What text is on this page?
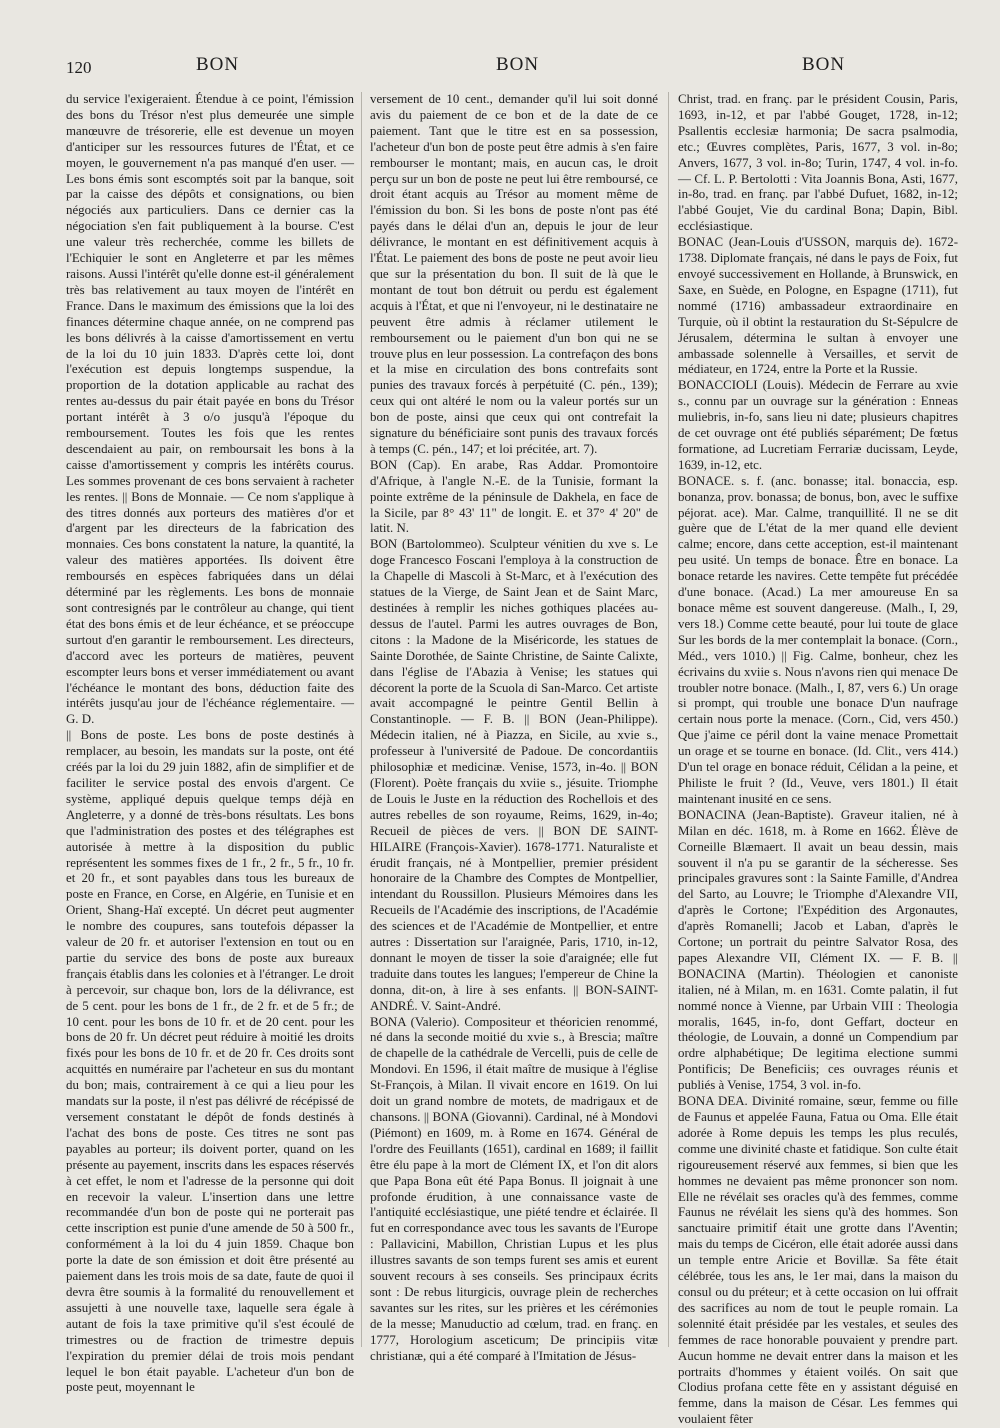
120	BON	BON	BON

du service l'exigeraient. Étendue à ce point, l'émission des bons du Trésor n'est plus demeurée une simple manœuvre de trésorerie, elle est devenue un moyen d'anticiper sur les ressources futures de l'État, et ce moyen, le gouvernement n'a pas manqué d'en user. — Les bons émis sont escomptés soit par la banque, soit par la caisse des dépôts et consignations, ou bien négociés aux particuliers. Dans ce dernier cas la négociation s'en fait publiquement à la bourse. C'est une valeur très recherchée, comme les billets de l'Echiquier le sont en Angleterre et par les mêmes raisons. Aussi l'intérêt qu'elle donne est-il généralement très bas relativement au taux moyen de l'intérêt en France. Dans le maximum des émissions que la loi des finances détermine chaque année, on ne comprend pas les bons délivrés à la caisse d'amortissement en vertu de la loi du 10 juin 1833. D'après cette loi, dont l'exécution est depuis longtemps suspendue, la proportion de la dotation applicable au rachat des rentes au-dessus du pair était payée en bons du Trésor portant intérêt à 3 o/o jusqu'à l'époque du remboursement. Toutes les fois que les rentes descendaient au pair, on remboursait les bons à la caisse d'amortissement y compris les intérêts courus. Les sommes provenant de ces bons servaient à racheter les rentes. || Bons de Monnaie. — Ce nom s'applique à des titres donnés aux porteurs des matières d'or et d'argent par les directeurs de la fabrication des monnaies. Ces bons constatent la nature, la quantité, la valeur des matières apportées. Ils doivent être remboursés en espèces fabriquées dans un délai déterminé par les règlements. Les bons de monnaie sont contresignés par le contrôleur au change, qui tient état des bons émis et de leur échéance, et se préoccupe surtout d'en garantir le remboursement. Les directeurs, d'accord avec les porteurs de matières, peuvent escompter leurs bons et verser immédiatement ou avant l'échéance le montant des bons, déduction faite des intérêts jusqu'au jour de l'échéance réglementaire. — G. D.

|| Bons de poste. Les bons de poste destinés à remplacer, au besoin, les mandats sur la poste, ont été créés par la loi du 29 juin 1882, afin de simplifier et de faciliter le service postal des envois d'argent. Ce système, appliqué depuis quelque temps déjà en Angleterre, y a donné de très-bons résultats. Les bons que l'administration des postes et des télégraphes est autorisée à mettre à la disposition du public représentent les sommes fixes de 1 fr., 2 fr., 5 fr., 10 fr. et 20 fr., et sont payables dans tous les bureaux de poste en France, en Corse, en Algérie, en Tunisie et en Orient, Shang-Haï excepté. Un décret peut augmenter le nombre des coupures, sans toutefois dépasser la valeur de 20 fr. et autoriser l'extension en tout ou en partie du service des bons de poste aux bureaux français établis dans les colonies et à l'étranger. Le droit à percevoir, sur chaque bon, lors de la délivrance, est de 5 cent. pour les bons de 1 fr., de 2 fr. et de 5 fr.; de 10 cent. pour les bons de 10 fr. et de 20 cent. pour les bons de 20 fr. Un décret peut réduire à moitié les droits fixés pour les bons de 10 fr. et de 20 fr. Ces droits sont acquittés en numéraire par l'acheteur en sus du montant du bon; mais, contrairement à ce qui a lieu pour les mandats sur la poste, il n'est pas délivré de récépissé de versement constatant le dépôt de fonds destinés à l'achat des bons de poste. Ces titres ne sont pas payables au porteur; ils doivent porter, quand on les présente au payement, inscrits dans les espaces réservés à cet effet, le nom et l'adresse de la personne qui doit en recevoir la valeur. L'insertion dans une lettre recommandée d'un bon de poste qui ne porterait pas cette inscription est punie d'une amende de 50 à 500 fr., conformément à la loi du 4 juin 1859. Chaque bon porte la date de son émission et doit être présenté au paiement dans les trois mois de sa date, faute de quoi il devra être soumis à la formalité du renouvellement et assujetti à une nouvelle taxe, laquelle sera égale à autant de fois la taxe primitive qu'il s'est écoulé de trimestres ou de fraction de trimestre depuis l'expiration du premier délai de trois mois pendant lequel le bon était payable. L'acheteur d'un bon de poste peut, moyennant le

versement de 10 cent., demander qu'il lui soit donné avis du paiement de ce bon et de la date de ce paiement. Tant que le titre est en sa possession, l'acheteur d'un bon de poste peut être admis à s'en faire rembourser le montant; mais, en aucun cas, le droit perçu sur un bon de poste ne peut lui être remboursé, ce droit étant acquis au Trésor au moment même de l'émission du bon. Si les bons de poste n'ont pas été payés dans le délai d'un an, depuis le jour de leur délivrance, le montant en est définitivement acquis à l'État. Le paiement des bons de poste ne peut avoir lieu que sur la présentation du bon. Il suit de là que le montant de tout bon détruit ou perdu est également acquis à l'État, et que ni l'envoyeur, ni le destinataire ne peuvent être admis à réclamer utilement le remboursement ou le paiement d'un bon qui ne se trouve plus en leur possession. La contrefaçon des bons et la mise en circulation des bons contrefaits sont punies des travaux forcés à perpétuité (C. pén., 139); ceux qui ont altéré le nom ou la valeur portés sur un bon de poste, ainsi que ceux qui ont contrefait la signature du bénéficiaire sont punis des travaux forcés à temps (C. pén., 147; et loi précitée, art. 7).

BON (Cap). En arabe, Ras Addar. Promontoire d'Afrique, à l'angle N.-E. de la Tunisie, formant la pointe extrême de la péninsule de Dakhela, en face de la Sicile, par 8° 43' 11" de longit. E. et 37° 4' 20" de latit. N.

BON (Bartolommeo). Sculpteur vénitien du xve s. Le doge Francesco Foscani l'employa à la construction de la Chapelle di Mascoli à St-Marc, et à l'exécution des statues de la Vierge, de Saint Jean et de Saint Marc, destinées à remplir les niches gothiques placées au-dessus de l'autel. Parmi les autres ouvrages de Bon, citons : la Madone de la Miséricorde, les statues de Sainte Dorothée, de Sainte Christine, de Sainte Calixte, dans l'église de l'Abazia à Venise; les statues qui décorent la porte de la Scuola di San-Marco. Cet artiste avait accompagné le peintre Gentil Bellin à Constantinople. — F. B. || BON (Jean-Philippe). Médecin italien, né à Piazza, en Sicile, au xvie s., professeur à l'université de Padoue. De concordantiis philosophiæ et medicinæ. Venise, 1573, in-4o. || BON (Florent). Poète français du xviie s., jésuite. Triomphe de Louis le Juste en la réduction des Rochellois et des autres rebelles de son royaume, Reims, 1629, in-4o; Recueil de pièces de vers. || BON DE SAINT-HILAIRE (François-Xavier). 1678-1771. Naturaliste et érudit français, né à Montpellier, premier président honoraire de la Chambre des Comptes de Montpellier, intendant du Roussillon. Plusieurs Mémoires dans les Recueils de l'Académie des inscriptions, de l'Académie des sciences et de l'Académie de Montpellier, et entre autres : Dissertation sur l'araignée, Paris, 1710, in-12, donnant le moyen de tisser la soie d'araignée; elle fut traduite dans toutes les langues; l'empereur de Chine la donna, dit-on, à lire à ses enfants. || BON-SAINT-ANDRÉ. V. Saint-André.

BONA (Valerio). Compositeur et théoricien renommé, né dans la seconde moitié du xvie s., à Brescia; maître de chapelle de la cathédrale de Vercelli, puis de celle de Mondovi. En 1596, il était maître de musique à l'église St-François, à Milan. Il vivait encore en 1619. On lui doit un grand nombre de motets, de madrigaux et de chansons. || BONA (Giovanni). Cardinal, né à Mondovi (Piémont) en 1609, m. à Rome en 1674. Général de l'ordre des Feuillants (1651), cardinal en 1689; il faillit être élu pape à la mort de Clément IX, et l'on dit alors que Papa Bona eût été Papa Bonus. Il joignait à une profonde érudition, à une connaissance vaste de l'antiquité ecclésiastique, une piété tendre et éclairée. Il fut en correspondance avec tous les savants de l'Europe : Pallavicini, Mabillon, Christian Lupus et les plus illustres savants de son temps furent ses amis et eurent souvent recours à ses conseils. Ses principaux écrits sont : De rebus liturgicis, ouvrage plein de recherches savantes sur les rites, sur les prières et les cérémonies de la messe; Manuductio ad cœlum, trad. en franç. en 1777, Horologium asceticum; De principiis vitæ christianæ, qui a été comparé à l'Imitation de Jésus-

Christ, trad. en franç. par le président Cousin, Paris, 1693, in-12, et par l'abbé Gouget, 1728, in-12; Psallentis ecclesiæ harmonia; De sacra psalmodia, etc.; Œuvres complètes, Paris, 1677, 3 vol. in-8o; Anvers, 1677, 3 vol. in-8o; Turin, 1747, 4 vol. in-fo. — Cf. L. P. Bertolotti : Vita Joannis Bona, Asti, 1677, in-8o, trad. en franç. par l'abbé Dufuet, 1682, in-12; l'abbé Goujet, Vie du cardinal Bona; Dapin, Bibl. ecclésiastique.

BONAC (Jean-Louis d'USSON, marquis de). 1672-1738. Diplomate français, né dans le pays de Foix, fut envoyé successivement en Hollande, à Brunswick, en Saxe, en Suède, en Pologne, en Espagne (1711), fut nommé (1716) ambassadeur extraordinaire en Turquie, où il obtint la restauration du St-Sépulcre de Jérusalem, détermina le sultan à envoyer une ambassade solennelle à Versailles, et servit de médiateur, en 1724, entre la Porte et la Russie.

BONACCIOLI (Louis). Médecin de Ferrare au xvie s., connu par un ouvrage sur la génération : Enneas muliebris, in-fo, sans lieu ni date; plusieurs chapitres de cet ouvrage ont été publiés séparément; De fœtus formatione, ad Lucretiam Ferrariæ ducissam, Leyde, 1639, in-12, etc.

BONACE. s. f. (anc. bonasse; ital. bonaccia, esp. bonanza, prov. bonassa; de bonus, bon, avec le suffixe péjorat. ace). Mar. Calme, tranquillité. Il ne se dit guère que de L'état de la mer quand elle devient calme; encore, dans cette acception, est-il maintenant peu usité. Un temps de bonace. Être en bonace. La bonace retarde les navires. Cette tempête fut précédée d'une bonace. (Acad.) La mer amoureuse En sa bonace même est souvent dangereuse. (Malh., I, 29, vers 18.) Comme cette beauté, pour lui toute de glace Sur les bords de la mer contemplait la bonace. (Corn., Méd., vers 1010.) || Fig. Calme, bonheur, chez les écrivains du xviie s. Nous n'avons rien qui menace De troubler notre bonace. (Malh., I, 87, vers 6.) Un orage si prompt, qui trouble une bonace D'un naufrage certain nous porte la menace. (Corn., Cid, vers 450.) Que j'aime ce péril dont la vaine menace Promettait un orage et se tourne en bonace. (Id. Clit., vers 414.) D'un tel orage en bonace réduit, Célidan a la peine, et Philiste le fruit ? (Id., Veuve, vers 1801.) Il était maintenant inusité en ce sens.

BONACINA (Jean-Baptiste). Graveur italien, né à Milan en déc. 1618, m. à Rome en 1662. Élève de Corneille Blæmaert. Il avait un beau dessin, mais souvent il n'a pu se garantir de la sécheresse. Ses principales gravures sont : la Sainte Famille, d'Andrea del Sarto, au Louvre; le Triomphe d'Alexandre VII, d'après le Cortone; l'Expédition des Argonautes, d'après Romanelli; Jacob et Laban, d'après le Cortone; un portrait du peintre Salvator Rosa, des papes Alexandre VII, Clément IX. — F. B. || BONACINA (Martin). Théologien et canoniste italien, né à Milan, m. en 1631. Comte palatin, il fut nommé nonce à Vienne, par Urbain VIII : Theologia moralis, 1645, in-fo, dont Geffart, docteur en théologie, de Louvain, a donné un Compendium par ordre alphabétique; De legitima electione summi Pontificis; De Beneficiis; ces ouvrages réunis et publiés à Venise, 1754, 3 vol. in-fo.

BONA DEA. Divinité romaine, sœur, femme ou fille de Faunus et appelée Fauna, Fatua ou Oma. Elle était adorée à Rome depuis les temps les plus reculés, comme une divinité chaste et fatidique. Son culte était rigoureusement réservé aux femmes, si bien que les hommes ne devaient pas même prononcer son nom. Elle ne révélait ses oracles qu'à des femmes, comme Faunus ne révélait les siens qu'à des hommes. Son sanctuaire primitif était une grotte dans l'Aventin; mais du temps de Cicéron, elle était adorée aussi dans un temple entre Aricie et Bovillæ. Sa fête était célébrée, tous les ans, le 1er mai, dans la maison du consul ou du préteur; et à cette occasion on lui offrait des sacrifices au nom de tout le peuple romain. La solennité était présidée par les vestales, et seules des femmes de race honorable pouvaient y prendre part. Aucun homme ne devait entrer dans la maison et les portraits d'hommes y étaient voilés. On sait que Clodius profana cette fête en y assistant déguisé en femme, dans la maison de César. Les femmes qui voulaient fêter
